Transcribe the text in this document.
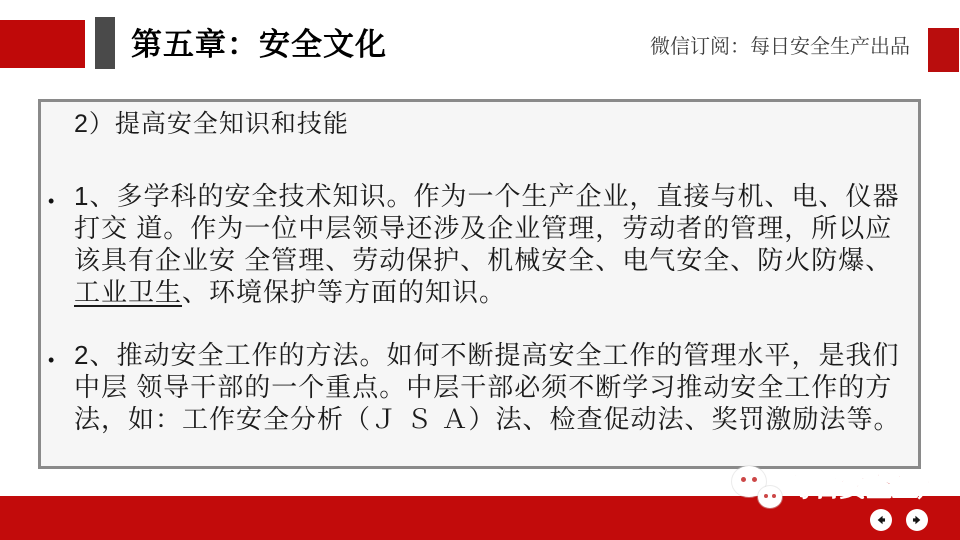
第五章：安全文化	微信订阅：每日安全生产出品
2）提高安全知识和技能
• 1、多学科的安全技术知识。作为一个生产企业，直接与机、电、仪器
打交 道。作为一位中层领导还涉及企业管理，劳动者的管理，所以应
该具有企业安 全管理、劳动保护、机械安全、电气安全、防火防爆、
工业卫生、环境保护等方面的知识。
• 2、推动安全工作的方法。如何不断提高安全工作的管理水平，是我们
中层 领导干部的一个重点。中层干部必须不断学习推动安全工作的方
法，如：工作安全分析（Ｊ Ｓ Ａ）法、检查促动法、奖罚激励法等。
每日安全生产
